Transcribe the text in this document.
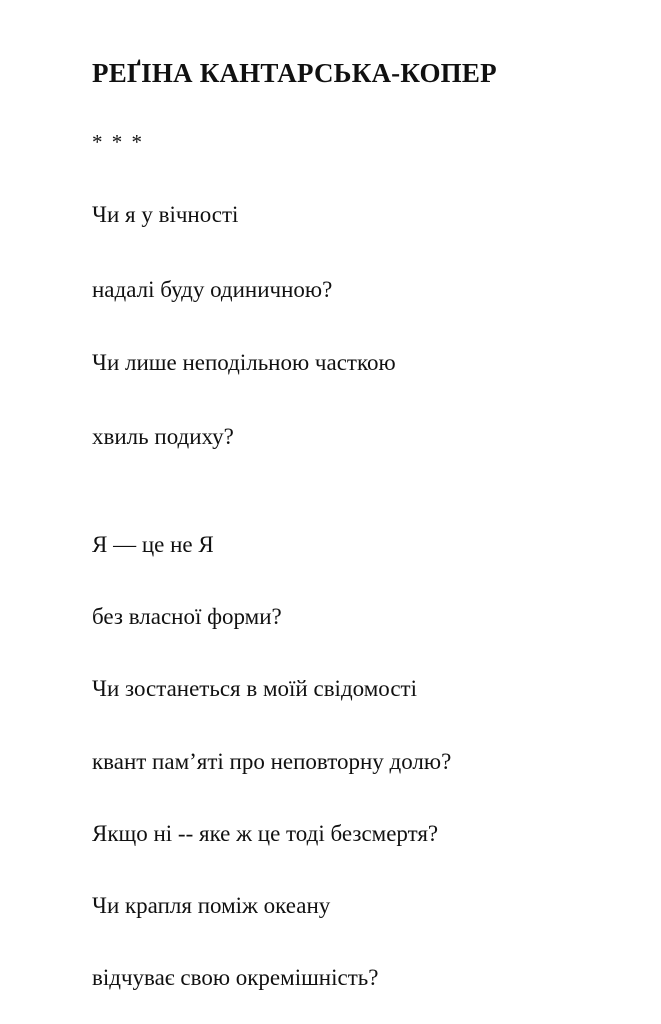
РЕҐІНА КАНТАРСЬКА-КОПЕР
* * *
Чи я у вічності
надалі буду одиничною?
Чи лише неподільною часткою
хвиль подиху?
Я — це не Я
без власної форми?
Чи зостанеться в моїй свідомості
квант пам’яті про неповторну долю?
Якщо ні -- яке ж це тоді безсмертя?
Чи крапля поміж океану
відчуває свою окремішність?
